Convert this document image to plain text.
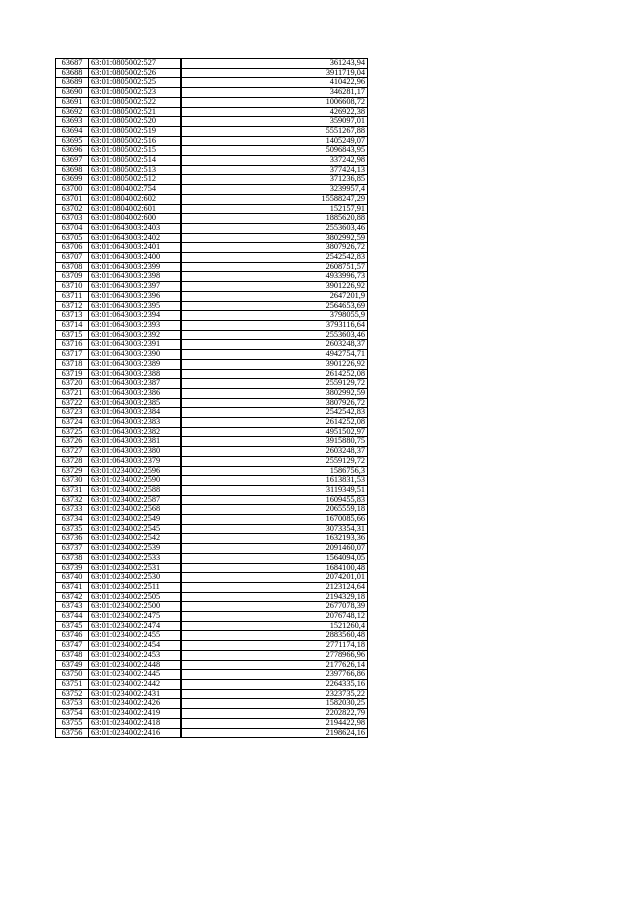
63687	63:01:0805002:527	361243,94
63688	63:01:0805002:526	3911719,04
63689	63:01:0805002:525	410422,96
63690	63:01:0805002:523	346281,17
63691	63:01:0805002:522	1006608,72
63692	63:01:0805002:521	426922,38
63693	63:01:0805002:520	359097,01
63694	63:01:0805002:519	5551267,88
63695	63:01:0805002:516	1405249,07
63696	63:01:0805002:515	5096843,95
63697	63:01:0805002:514	337242,98
63698	63:01:0805002:513	377424,13
63699	63:01:0805002:512	371236,85
63700	63:01:0804002:754	3239957,4
63701	63:01:0804002:602	15588247,29
63702	63:01:0804002:601	152157,91
63703	63:01:0804002:600	1885620,88
63704	63:01:0643003:2403	2553603,46
63705	63:01:0643003:2402	3802992,59
63706	63:01:0643003:2401	3807926,72
63707	63:01:0643003:2400	2542542,83
63708	63:01:0643003:2399	2608751,57
63709	63:01:0643003:2398	4933996,73
63710	63:01:0643003:2397	3901226,92
63711	63:01:0643003:2396	2647201,9
63712	63:01:0643003:2395	2564653,69
63713	63:01:0643003:2394	3798055,9
63714	63:01:0643003:2393	3793116,64
63715	63:01:0643003:2392	2553603,46
63716	63:01:0643003:2391	2603248,37
63717	63:01:0643003:2390	4942754,71
63718	63:01:0643003:2389	3901226,92
63719	63:01:0643003:2388	2614252,08
63720	63:01:0643003:2387	2559129,72
63721	63:01:0643003:2386	3802992,59
63722	63:01:0643003:2385	3807926,72
63723	63:01:0643003:2384	2542542,83
63724	63:01:0643003:2383	2614252,08
63725	63:01:0643003:2382	4951502,97
63726	63:01:0643003:2381	3915880,75
63727	63:01:0643003:2380	2603248,37
63728	63:01:0643003:2379	2559129,72
63729	63:01:0234002:2596	1586756,3
63730	63:01:0234002:2590	1613831,53
63731	63:01:0234002:2588	3119349,51
63732	63:01:0234002:2587	1609455,83
63733	63:01:0234002:2568	2065559,18
63734	63:01:0234002:2549	1670085,66
63735	63:01:0234002:2545	3073354,31
63736	63:01:0234002:2542	1632193,36
63737	63:01:0234002:2539	2091460,07
63738	63:01:0234002:2533	1564094,05
63739	63:01:0234002:2531	1684100,48
63740	63:01:0234002:2530	2074201,01
63741	63:01:0234002:2511	2123124,64
63742	63:01:0234002:2505	2194329,18
63743	63:01:0234002:2500	2677078,39
63744	63:01:0234002:2475	2076748,12
63745	63:01:0234002:2474	1521260,4
63746	63:01:0234002:2455	2883560,48
63747	63:01:0234002:2454	2771174,18
63748	63:01:0234002:2453	2778966,96
63749	63:01:0234002:2448	2177626,14
63750	63:01:0234002:2445	2397766,86
63751	63:01:0234002:2442	2264335,16
63752	63:01:0234002:2431	2323735,22
63753	63:01:0234002:2426	1582030,25
63754	63:01:0234002:2419	2202822,79
63755	63:01:0234002:2418	2194422,98
63756	63:01:0234002:2416	2198624,16
